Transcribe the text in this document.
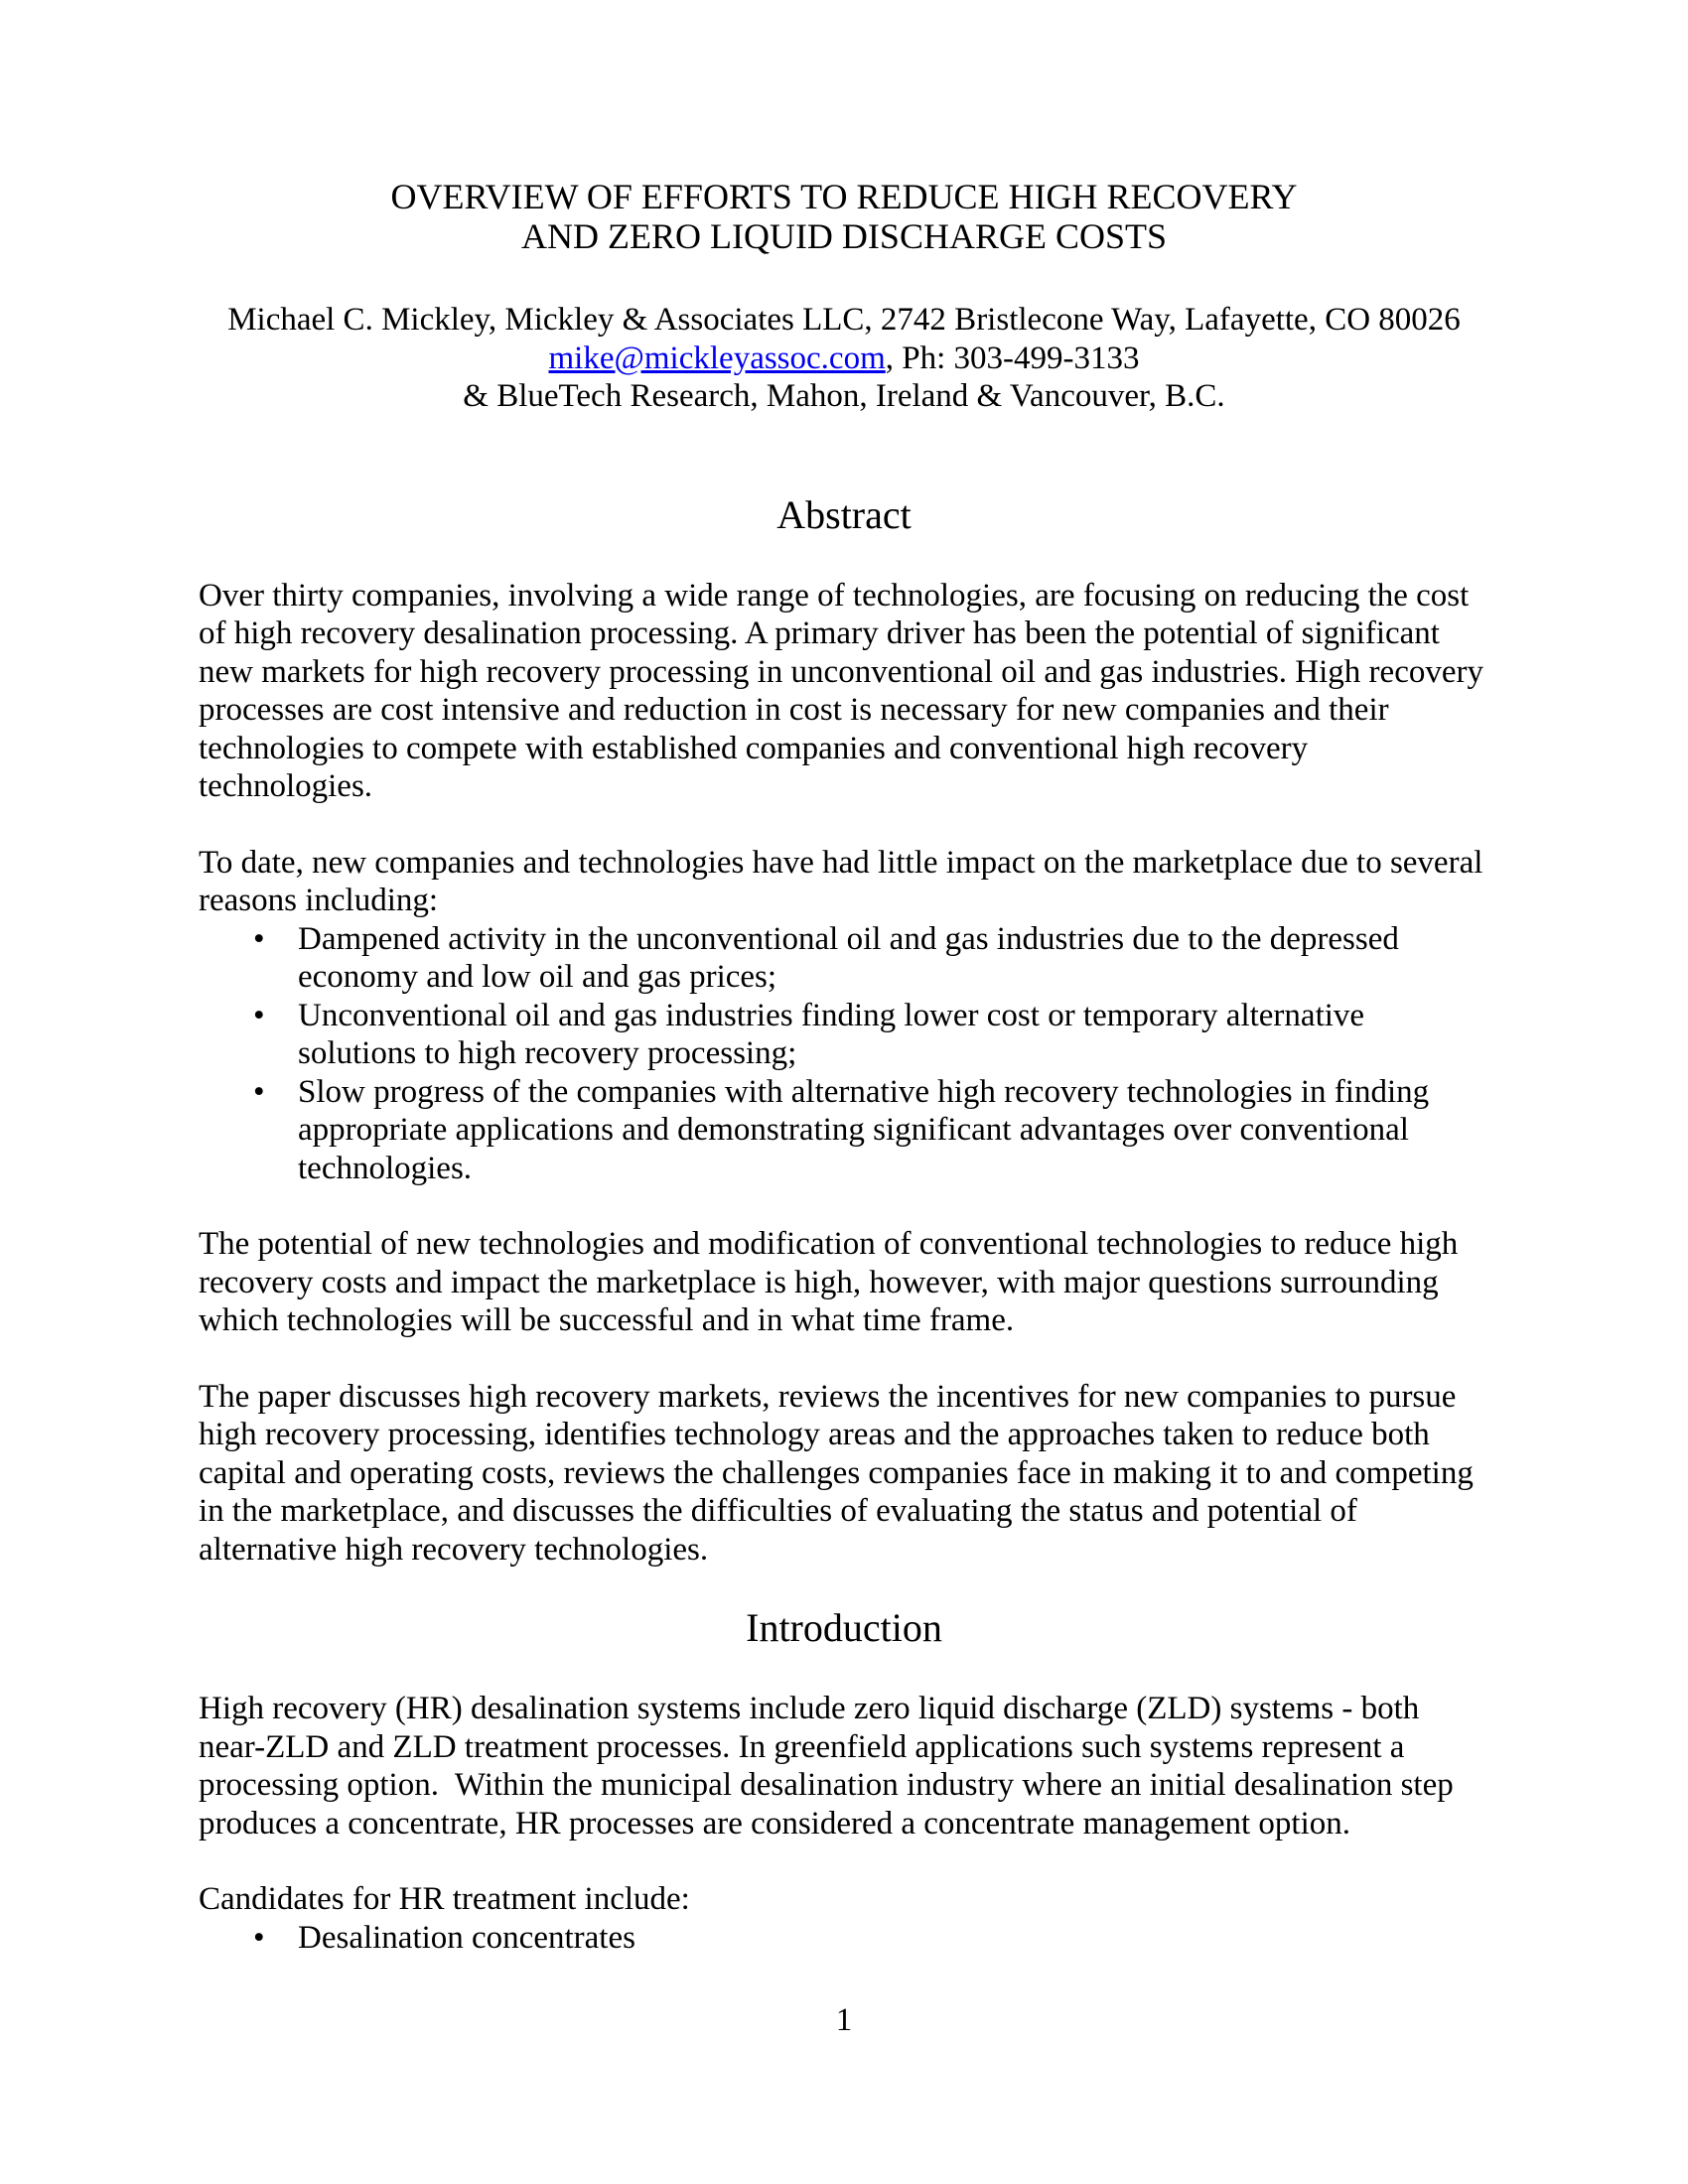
OVERVIEW OF EFFORTS TO REDUCE HIGH RECOVERY
AND ZERO LIQUID DISCHARGE COSTS
Michael C. Mickley, Mickley & Associates LLC, 2742 Bristlecone Way, Lafayette, CO 80026
mike@mickleyassoc.com, Ph: 303-499-3133
& BlueTech Research, Mahon, Ireland & Vancouver, B.C.
Abstract
Over thirty companies, involving a wide range of technologies, are focusing on reducing the cost of high recovery desalination processing. A primary driver has been the potential of significant new markets for high recovery processing in unconventional oil and gas industries. High recovery processes are cost intensive and reduction in cost is necessary for new companies and their technologies to compete with established companies and conventional high recovery technologies.
To date, new companies and technologies have had little impact on the marketplace due to several reasons including:
•	Dampened activity in the unconventional oil and gas industries due to the depressed economy and low oil and gas prices;
•	Unconventional oil and gas industries finding lower cost or temporary alternative solutions to high recovery processing;
•	Slow progress of the companies with alternative high recovery technologies in finding appropriate applications and demonstrating significant advantages over conventional technologies.
The potential of new technologies and modification of conventional technologies to reduce high recovery costs and impact the marketplace is high, however, with major questions surrounding which technologies will be successful and in what time frame.
The paper discusses high recovery markets, reviews the incentives for new companies to pursue high recovery processing, identifies technology areas and the approaches taken to reduce both capital and operating costs, reviews the challenges companies face in making it to and competing in the marketplace, and discusses the difficulties of evaluating the status and potential of alternative high recovery technologies.
Introduction
High recovery (HR) desalination systems include zero liquid discharge (ZLD) systems - both near-ZLD and ZLD treatment processes. In greenfield applications such systems represent a processing option.  Within the municipal desalination industry where an initial desalination step produces a concentrate, HR processes are considered a concentrate management option.
Candidates for HR treatment include:
•	Desalination concentrates
1
